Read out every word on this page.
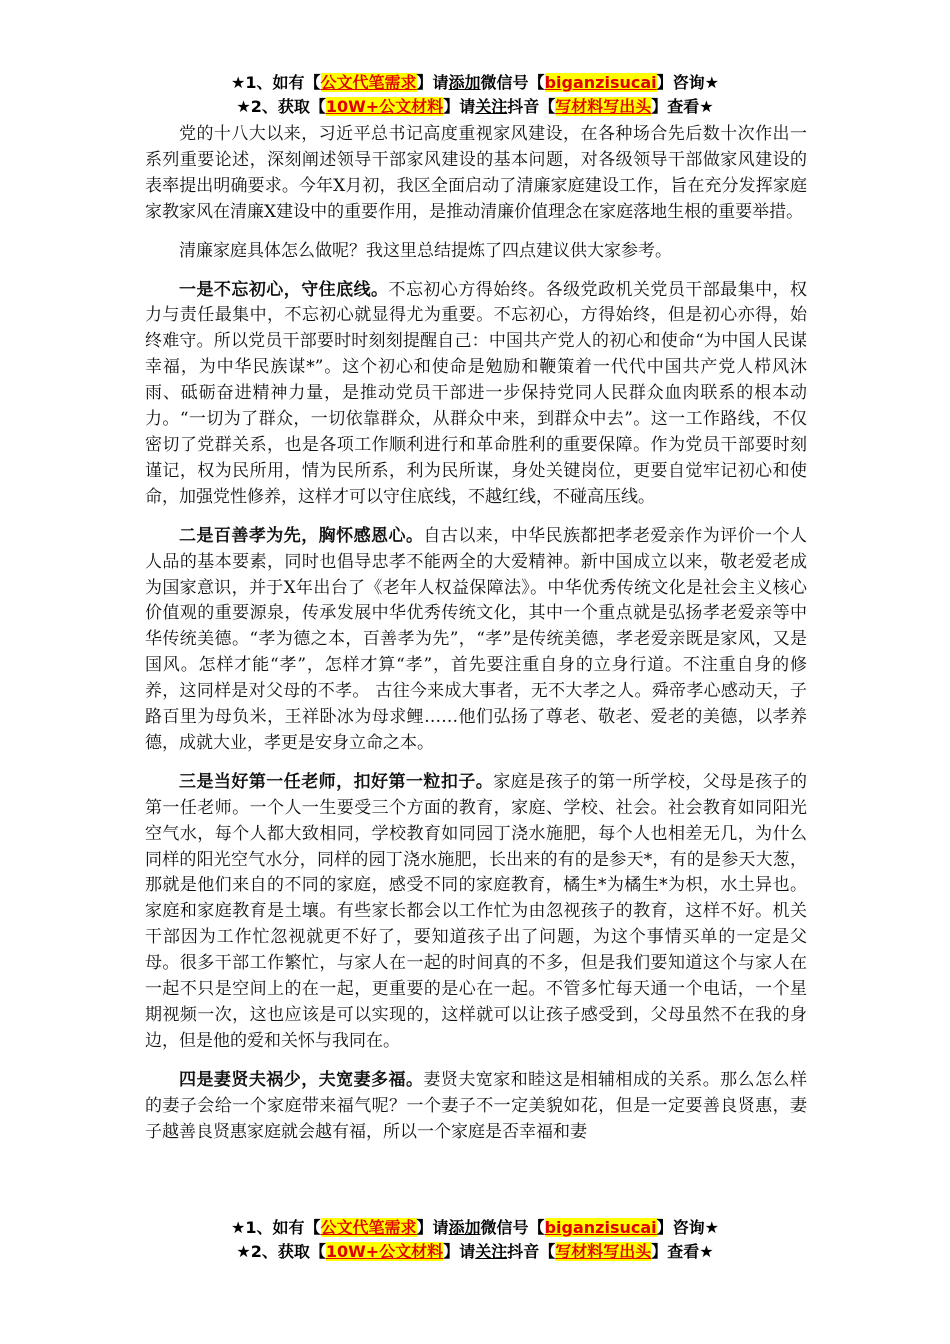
★1、如有【公文代笔需求】请添加微信号【biganzisucai】咨询★
★2、获取【10W+公文材料】请关注抖音【写材料写出头】查看★

党的十八大以来，习近平总书记高度重视家风建设，在各种场合先后数十次作出一系列重要论述，深刻阐述领导干部家风建设的基本问题，对各级领导干部做家风建设的表率提出明确要求。今年X月初，我区全面启动了清廉家庭建设工作，旨在充分发挥家庭家教家风在清廉X建设中的重要作用，是推动清廉价值理念在家庭落地生根的重要举措。

清廉家庭具体怎么做呢？我这里总结提炼了四点建议供大家参考。

一是不忘初心，守住底线。不忘初心方得始终。各级党政机关党员干部最集中，权力与责任最集中，不忘初心就显得尤为重要。不忘初心，方得始终，但是初心亦得，始终难守。所以党员干部要时时刻刻提醒自己：中国共产党人的初心和使命“为中国人民谋幸福，为中华民族谋*”。这个初心和使命是勉励和鞭策着一代代中国共产党人栉风沐雨、砥砺奋进精神力量，是推动党员干部进一步保持党同人民群众血肉联系的根本动力。“一切为了群众，一切依靠群众，从群众中来，到群众中去”。这一工作路线，不仅密切了党群关系，也是各项工作顺利进行和革命胜利的重要保障。作为党员干部要时刻谨记，权为民所用，情为民所系，利为民所谋，身处关键岗位，更要自觉牢记初心和使命，加强党性修养，这样才可以守住底线，不越红线，不碰高压线。

二是百善孝为先，胸怀感恩心。自古以来，中华民族都把孝老爱亲作为评价一个人人品的基本要素，同时也倡导忠孝不能两全的大爱精神。新中国成立以来，敬老爱老成为国家意识，并于X年出台了《老年人权益保障法》。中华优秀传统文化是社会主义核心价值观的重要源泉，传承发展中华优秀传统文化，其中一个重点就是弘扬孝老爱亲等中华传统美德。“孝为德之本，百善孝为先”，“孝”是传统美德，孝老爱亲既是家风，又是国风。怎样才能“孝”，怎样才算“孝”，首先要注重自身的立身行道。不注重自身的修养，这同样是对父母的不孝。 古往今来成大事者，无不大孝之人。舜帝孝心感动天，子路百里为母负米，王祥卧冰为母求鲤……他们弘扬了尊老、敬老、爱老的美德，以孝养德，成就大业，孝更是安身立命之本。

三是当好第一任老师，扣好第一粒扣子。家庭是孩子的第一所学校，父母是孩子的第一任老师。一个人一生要受三个方面的教育，家庭、学校、社会。社会教育如同阳光空气水，每个人都大致相同，学校教育如同园丁浇水施肥，每个人也相差无几，为什么同样的阳光空气水分，同样的园丁浇水施肥，长出来的有的是参天*，有的是参天大葱，那就是他们来自的不同的家庭，感受不同的家庭教育，橘生*为橘生*为枳，水土异也。家庭和家庭教育是土壤。有些家长都会以工作忙为由忽视孩子的教育，这样不好。机关干部因为工作忙忽视就更不好了，要知道孩子出了问题，为这个事情买单的一定是父母。很多干部工作繁忙，与家人在一起的时间真的不多，但是我们要知道这个与家人在一起不只是空间上的在一起，更重要的是心在一起。不管多忙每天通一个电话，一个星期视频一次，这也应该是可以实现的，这样就可以让孩子感受到，父母虽然不在我的身边，但是他的爱和关怀与我同在。

四是妻贤夫祸少，夫宽妻多福。妻贤夫宽家和睦这是相辅相成的关系。那么怎么样的妻子会给一个家庭带来福气呢？一个妻子不一定美貌如花，但是一定要善良贤惠，妻子越善良贤惠家庭就会越有福，所以一个家庭是否幸福和妻

★1、如有【公文代笔需求】请添加微信号【biganzisucai】咨询★
★2、获取【10W+公文材料】请关注抖音【写材料写出头】查看★
